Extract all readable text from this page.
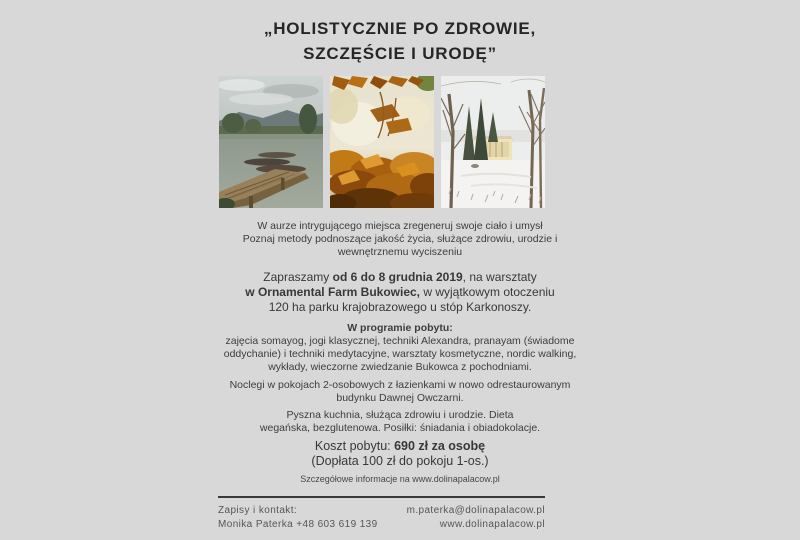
„HOLISTYCZNIE PO ZDROWIE,
SZCZĘŚCIE I URODĘ”
W aurze intrygującego miejsca zregeneruj swoje ciało i umysł
Poznaj metody podnoszące jakość życia, służące zdrowiu, urodzie i
wewnętrznemu wyciszeniu
Zapraszamy od 6 do 8 grudnia 2019, na warsztaty
w Ornamental Farm Bukowiec, w wyjątkowym otoczeniu
120 ha parku krajobrazowego u stóp Karkonoszy.
W programie pobytu:
zajęcia somayog, jogi klasycznej, techniki Alexandra, pranayam (świadome
oddychanie) i techniki medytacyjne, warsztaty kosmetyczne, nordic walking,
wykłady, wieczorne zwiedzanie Bukowca z pochodniami.
Noclegi w pokojach 2-osobowych z łazienkami w nowo odrestaurowanym
budynku Dawnej Owczarni.
Pyszna kuchnia, służąca zdrowiu i urodzie. Dieta
wegańska, bezglutenowa. Posiłki: śniadania i obiadokolacje.
Koszt pobytu: 690 zł za osobę
(Dopłata 100 zł do pokoju 1-os.)
Szczegółowe informacje na www.dolinapalacow.pl
Zapisy i kontakt:
Monika Paterka +48 603 619 139
m.paterka@dolinapalacow.pl
www.dolinapalacow.pl
